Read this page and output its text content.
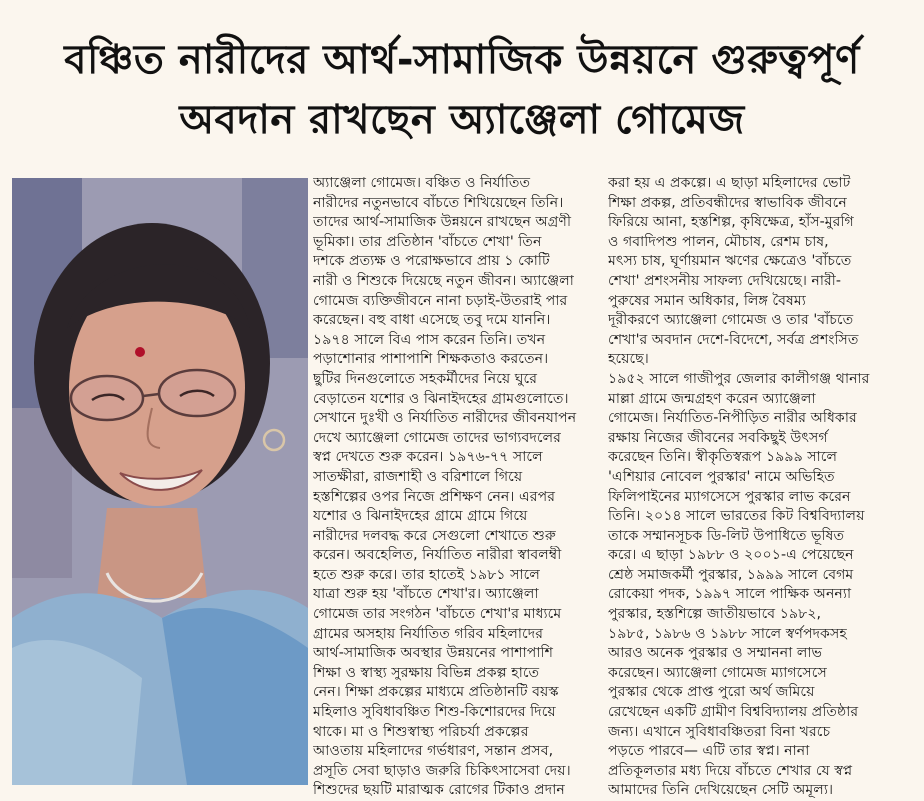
বঞ্চিত নারীদের আর্থ-সামাজিক উন্নয়নে গুরুত্বপূর্ণ
অবদান রাখছেন অ্যাঞ্জেলা গোমেজ
অ্যাঞ্জেলা গোমেজ। বঞ্চিত ও নির্যাতিত
নারীদের নতুনভাবে বাঁচতে শিখিয়েছেন তিনি।
তাদের আর্থ-সামাজিক উন্নয়নে রাখছেন অগ্রণী
ভূমিকা। তার প্রতিষ্ঠান 'বাঁচতে শেখা' তিন
দশকে প্রত্যক্ষ ও পরোক্ষভাবে প্রায় ১ কোটি
নারী ও শিশুকে দিয়েছে নতুন জীবন। অ্যাঞ্জেলা
গোমেজ ব্যক্তিজীবনে নানা চড়াই-উতরাই পার
করেছেন। বহু বাধা এসেছে তবু দমে যাননি।
১৯৭৪ সালে বিএ পাস করেন তিনি। তখন
পড়াশোনার পাশাপাশি শিক্ষকতাও করতেন।
ছুটির দিনগুলোতে সহকর্মীদের নিয়ে ঘুরে
বেড়াতেন যশোর ও ঝিনাইদহের গ্রামগুলোতে।
সেখানে দুঃখী ও নির্যাতিত নারীদের জীবনযাপন
দেখে অ্যাঞ্জেলা গোমেজ তাদের ভাগ্যবদলের
স্বপ্ন দেখতে শুরু করেন। ১৯৭৬-৭৭ সালে
সাতক্ষীরা, রাজশাহী ও বরিশালে গিয়ে
হস্তশিল্পের ওপর নিজে প্রশিক্ষণ নেন। এরপর
যশোর ও ঝিনাইদহের গ্রামে গ্রামে গিয়ে
নারীদের দলবদ্ধ করে সেগুলো শেখাতে শুরু
করেন। অবহেলিত, নির্যাতিত নারীরা স্বাবলম্বী
হতে শুরু করে। তার হাতেই ১৯৮১ সালে
যাত্রা শুরু হয় 'বাঁচতে শেখা'র। অ্যাঞ্জেলা
গোমেজ তার সংগঠন 'বাঁচতে শেখা'র মাধ্যমে
গ্রামের অসহায় নির্যাতিত গরিব মহিলাদের
আর্থ-সামাজিক অবস্থার উন্নয়নের পাশাপাশি
শিক্ষা ও স্বাস্থ্য সুরক্ষায় বিভিন্ন প্রকল্প হাতে
নেন। শিক্ষা প্রকল্পের মাধ্যমে প্রতিষ্ঠানটি বয়স্ক
মহিলাও সুবিধাবঞ্চিত শিশু-কিশোরদের দিয়ে
থাকে। মা ও শিশুস্বাস্থ্য পরিচর্যা প্রকল্পের
আওতায় মহিলাদের গর্ভধারণ, সন্তান প্রসব,
প্রসূতি সেবা ছাড়াও জরুরি চিকিৎসাসেবা দেয়।
শিশুদের ছয়টি মারাত্মক রোগের টিকাও প্রদান
করা হয় এ প্রকল্পে। এ ছাড়া মহিলাদের ভোট
শিক্ষা প্রকল্প, প্রতিবন্ধীদের স্বাভাবিক জীবনে
ফিরিয়ে আনা, হস্তশিল্প, কৃষিক্ষেত্র, হাঁস-মুরগি
ও গবাদিপশু পালন, মৌচাষ, রেশম চাষ,
মৎস্য চাষ, ঘূর্ণায়মান ঋণের ক্ষেত্রেও 'বাঁচতে
শেখা' প্রশংসনীয় সাফল্য দেখিয়েছে। নারী-
পুরুষের সমান অধিকার, লিঙ্গ বৈষম্য
দূরীকরণে অ্যাঞ্জেলা গোমেজ ও তার 'বাঁচতে
শেখা'র অবদান দেশে-বিদেশে, সর্বত্র প্রশংসিত
হয়েছে।
১৯৫২ সালে গাজীপুর জেলার কালীগঞ্জ থানার
মাল্লা গ্রামে জন্মগ্রহণ করেন অ্যাঞ্জেলা
গোমেজ। নির্যাতিত-নিপীড়িত নারীর অধিকার
রক্ষায় নিজের জীবনের সবকিছুই উৎসর্গ
করেছেন তিনি। স্বীকৃতিস্বরূপ ১৯৯৯ সালে
'এশিয়ার নোবেল পুরস্কার' নামে অভিহিত
ফিলিপাইনের ম্যাগসেসে পুরস্কার লাভ করেন
তিনি। ২০১৪ সালে ভারতের কিট বিশ্ববিদ্যালয়
তাকে সম্মানসূচক ডি-লিট উপাধিতে ভূষিত
করে। এ ছাড়া ১৯৮৮ ও ২০০১-এ পেয়েছেন
শ্রেষ্ঠ সমাজকর্মী পুরস্কার, ১৯৯৯ সালে বেগম
রোকেয়া পদক, ১৯৯৭ সালে পাক্ষিক অনন্যা
পুরস্কার, হস্তশিল্পে জাতীয়ভাবে ১৯৮২,
১৯৮৫, ১৯৮৬ ও ১৯৮৮ সালে স্বর্ণপদকসহ
আরও অনেক পুরস্কার ও সম্মাননা লাভ
করেছেন। অ্যাঞ্জেলা গোমেজ ম্যাগসেসে
পুরস্কার থেকে প্রাপ্ত পুরো অর্থ জমিয়ে
রেখেছেন একটি গ্রামীণ বিশ্ববিদ্যালয় প্রতিষ্ঠার
জন্য। এখানে সুবিধাবঞ্চিতরা বিনা খরচে
পড়তে পারবে— এটি তার স্বপ্ন। নানা
প্রতিকূলতার মধ্য দিয়ে বাঁচতে শেখার যে স্বপ্ন
আমাদের তিনি দেখিয়েছেন সেটি অমূল্য।
